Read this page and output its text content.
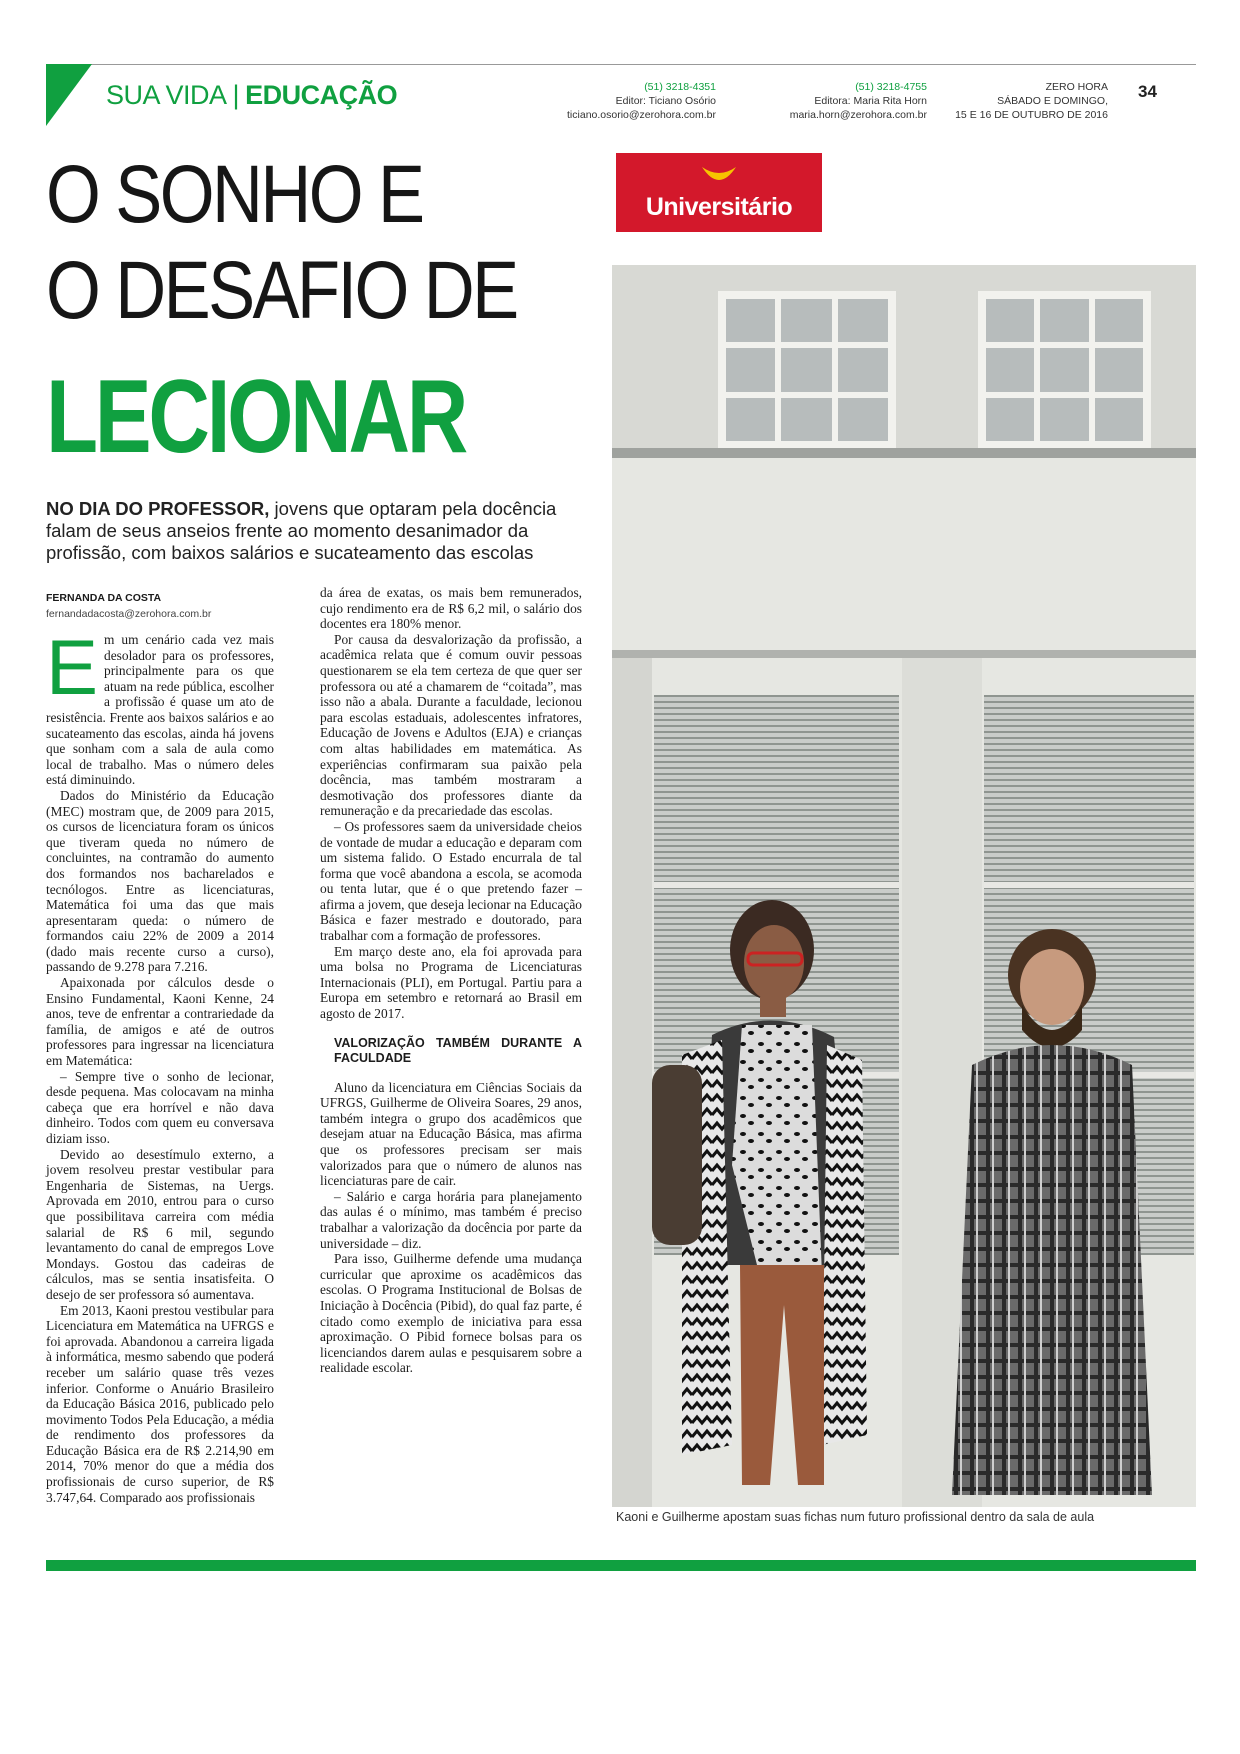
SUA VIDA | EDUCAÇÃO	(51) 3218-4351
Editor: Ticiano Osório
ticiano.osorio@zerohora.com.br
(51) 3218-4755
Editora: Maria Rita Horn
maria.horn@zerohora.com.br
ZERO HORA
SÁBADO E DOMINGO,
15 E 16 DE OUTUBRO DE 2016
34
O SONHO E
O DESAFIO DE
LECIONAR
NO DIA DO PROFESSOR, jovens que optaram pela docência falam de seus anseios frente ao momento desanimador da profissão, com baixos salários e sucateamento das escolas
FERNANDA DA COSTA
fernandadacosta@zerohora.com.br
E m um cenário cada vez mais desolador para os professores, principalmente para os que atuam na rede pública, escolher a profissão é quase um ato de resistência. Frente aos baixos salários e ao sucateamento das escolas, ainda há jovens que sonham com a sala de aula como local de trabalho. Mas o número deles está diminuindo.

Dados do Ministério da Educação (MEC) mostram que, de 2009 para 2015, os cursos de licenciatura foram os únicos que tiveram queda no número de concluintes, na contramão do aumento dos formandos nos bacharelados e tecnólogos. Entre as licenciaturas, Matemática foi uma das que mais apresentaram queda: o número de formandos caiu 22% de 2009 a 2014 (dado mais recente curso a curso), passando de 9.278 para 7.216.

Apaixonada por cálculos desde o Ensino Fundamental, Kaoni Kenne, 24 anos, teve de enfrentar a contrariedade da família, de amigos e até de outros professores para ingressar na licenciatura em Matemática:

– Sempre tive o sonho de lecionar, desde pequena. Mas colocavam na minha cabeça que era horrível e não dava dinheiro. Todos com quem eu conversava diziam isso.

Devido ao desestímulo externo, a jovem resolveu prestar vestibular para Engenharia de Sistemas, na Uergs. Aprovada em 2010, entrou para o curso que possibilitava carreira com média salarial de R$ 6 mil, segundo levantamento do canal de empregos Love Mondays. Gostou das cadeiras de cálculos, mas se sentia insatisfeita. O desejo de ser professora só aumentava.

Em 2013, Kaoni prestou vestibular para Licenciatura em Matemática na UFRGS e foi aprovada. Abandonou a carreira ligada à informática, mesmo sabendo que poderá receber um salário quase três vezes inferior. Conforme o Anuário Brasileiro da Educação Básica 2016, publicado pelo movimento Todos Pela Educação, a média de rendimento dos professores da Educação Básica era de R$ 2.214,90 em 2014, 70% menor do que a média dos profissionais de curso superior, de R$ 3.747,64. Comparado aos profissionais

da área de exatas, os mais bem remunerados, cujo rendimento era de R$ 6,2 mil, o salário dos docentes era 180% menor.

Por causa da desvalorização da profissão, a acadêmica relata que é comum ouvir pessoas questionarem se ela tem certeza de que quer ser professora ou até a chamarem de “coitada”, mas isso não a abala. Durante a faculdade, lecionou para escolas estaduais, adolescentes infratores, Educação de Jovens e Adultos (EJA) e crianças com altas habilidades em matemática. As experiências confirmaram sua paixão pela docência, mas também mostraram a desmotivação dos professores diante da remuneração e da precariedade das escolas.

– Os professores saem da universidade cheios de vontade de mudar a educação e deparam com um sistema falido. O Estado encurrala de tal forma que você abandona a escola, se acomoda ou tenta lutar, que é o que pretendo fazer – afirma a jovem, que deseja lecionar na Educação Básica e fazer mestrado e doutorado, para trabalhar com a formação de professores.

Em março deste ano, ela foi aprovada para uma bolsa no Programa de Licenciaturas Internacionais (PLI), em Portugal. Partiu para a Europa em setembro e retornará ao Brasil em agosto de 2017.

VALORIZAÇÃO TAMBÉM DURANTE A FACULDADE

Aluno da licenciatura em Ciências Sociais da UFRGS, Guilherme de Oliveira Soares, 29 anos, também integra o grupo dos acadêmicos que desejam atuar na Educação Básica, mas afirma que os professores precisam ser mais valorizados para que o número de alunos nas licenciaturas pare de cair.

– Salário e carga horária para planejamento das aulas é o mínimo, mas também é preciso trabalhar a valorização da docência por parte da universidade – diz.

Para isso, Guilherme defende uma mudança curricular que aproxime os acadêmicos das escolas. O Programa Institucional de Bolsas de Iniciação à Docência (Pibid), do qual faz parte, é citado como exemplo de iniciativa para essa aproximação. O Pibid fornece bolsas para os licenciandos darem aulas e pesquisarem sobre a realidade escolar.

Universitário
Kaoni e Guilherme apostam suas fichas num futuro profissional dentro da sala de aula
